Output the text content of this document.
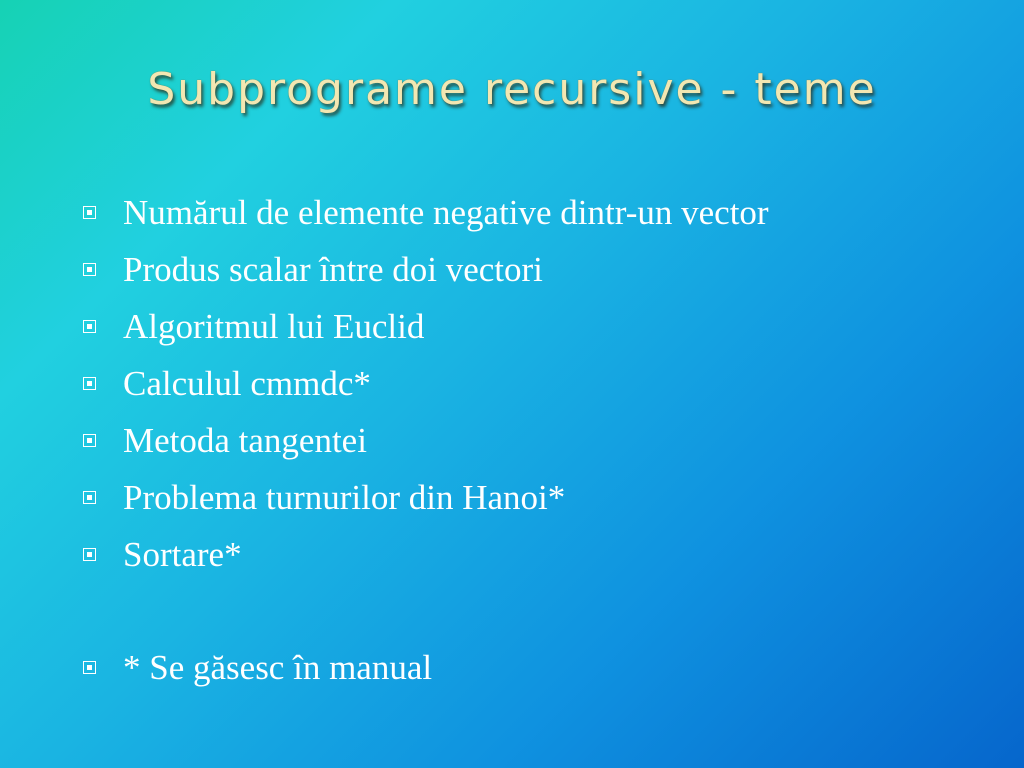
Subprograme recursive - teme
Numărul de elemente negative dintr-un vector
Produs scalar între doi vectori
Algoritmul lui Euclid
Calculul cmmdc*
Metoda tangentei
Problema turnurilor din Hanoi*
Sortare*
* Se găsesc în manual
